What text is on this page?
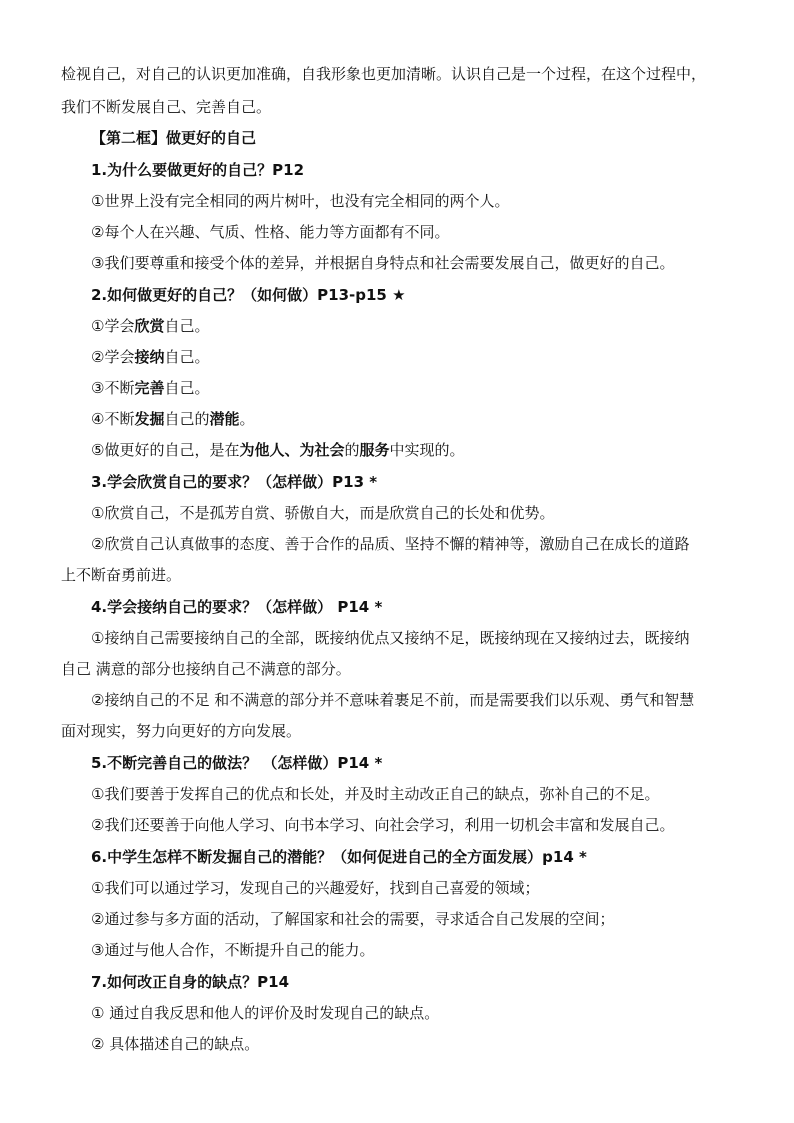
检视自己，对自己的认识更加准确，自我形象也更加清晰。认识自己是一个过程，在这个过程中，
我们不断发展自己、完善自己。
【第二框】做更好的自己
1.为什么要做更好的自己？P12
①世界上没有完全相同的两片树叶，也没有完全相同的两个人。
②每个人在兴趣、气质、性格、能力等方面都有不同。
③我们要尊重和接受个体的差异，并根据自身特点和社会需要发展自己，做更好的自己。
2.如何做更好的自己？（如何做）P13-p15 ★
①学会欣赏自己。
②学会接纳自己。
③不断完善自己。
④不断发掘自己的潜能。
⑤做更好的自己，是在为他人、为社会的服务中实现的。
3.学会欣赏自己的要求？（怎样做）P13 *
①欣赏自己，不是孤芳自赏、骄傲自大，而是欣赏自己的长处和优势。
②欣赏自己认真做事的态度、善于合作的品质、坚持不懈的精神等，激励自己在成长的道路
上不断奋勇前进。
4.学会接纳自己的要求？（怎样做） P14 *
①接纳自己需要接纳自己的全部，既接纳优点又接纳不足，既接纳现在又接纳过去，既接纳
自己 满意的部分也接纳自己不满意的部分。
②接纳自己的不足 和不满意的部分并不意味着裹足不前，而是需要我们以乐观、勇气和智慧
面对现实，努力向更好的方向发展。
5.不断完善自己的做法？ （怎样做）P14 *
①我们要善于发挥自己的优点和长处，并及时主动改正自己的缺点，弥补自己的不足。
②我们还要善于向他人学习、向书本学习、向社会学习，利用一切机会丰富和发展自己。
6.中学生怎样不断发掘自己的潜能？（如何促进自己的全方面发展）p14 *
①我们可以通过学习，发现自己的兴趣爱好，找到自己喜爱的领域；
②通过参与多方面的活动，了解国家和社会的需要，寻求适合自己发展的空间；
③通过与他人合作，不断提升自己的能力。
7.如何改正自身的缺点？P14
① 通过自我反思和他人的评价及时发现自己的缺点。
② 具体描述自己的缺点。
